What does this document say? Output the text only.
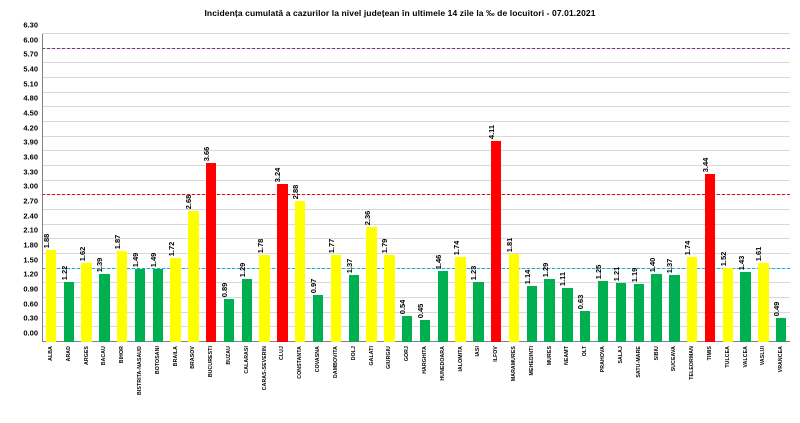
Incidența cumulată a cazurilor la nivel județean în ultimele 14 zile la ‰ de locuitori - 07.01.2021
6.30
6.00
5.70
5.40
5.10
4.80
4.50
4.20
3.90
3.60
3.30
3.00
2.70
2.40
2.10
1.80
1.50
1.20
0.90
0.60
0.30
0.00
1.88
ALBA
1.22
ARAD
1.62
ARGES
1.39
BACAU
1.87
BIHOR
1.49
BISTRITA-NASAUD
1.49
BOTOSANI
1.72
BRAILA
2.68
BRASOV
3.66
BUCURESTI
0.89
BUZAU
1.29
CALARASI
1.78
CARAS-SEVERIN
3.24
CLUJ
2.88
CONSTANTA
0.97
COVASNA
1.77
DAMBOVITA
1.37
DOLJ
2.36
GALATI
1.79
GIURGIU
0.54
GORJ
0.45
HARGHITA
1.46
HUNEDOARA
1.74
IALOMITA
1.23
IASI
4.11
ILFOV
1.81
MARAMURES
1.14
MEHEDINTI
1.29
MURES
1.11
NEAMT
0.63
OLT
1.25
PRAHOVA
1.21
SALAJ
1.19
SATU-MARE
1.40
SIBIU
1.37
SUCEAVA
1.74
TELEORMAN
3.44
TIMIS
1.52
TULCEA
1.43
VALCEA
1.61
VASLUI
0.49
VRANCEA
